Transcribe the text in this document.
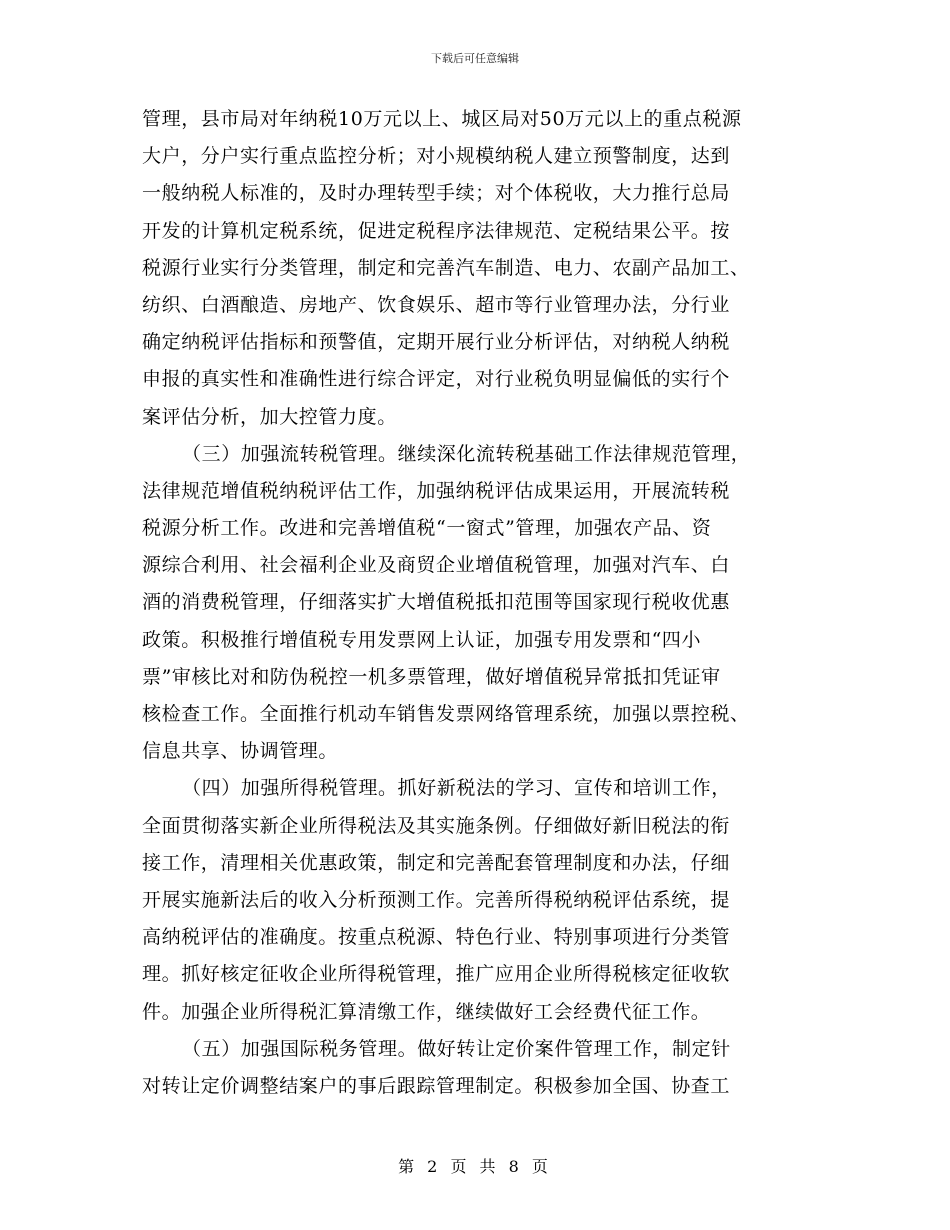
下载后可任意编辑
管理，县市局对年纳税10万元以上、城区局对50万元以上的重点税源
大户，分户实行重点监控分析；对小规模纳税人建立预警制度，达到
一般纳税人标准的，及时办理转型手续；对个体税收，大力推行总局
开发的计算机定税系统，促进定税程序法律规范、定税结果公平。按
税源行业实行分类管理，制定和完善汽车制造、电力、农副产品加工、
纺织、白酒酿造、房地产、饮食娱乐、超市等行业管理办法，分行业
确定纳税评估指标和预警值，定期开展行业分析评估，对纳税人纳税
申报的真实性和准确性进行综合评定，对行业税负明显偏低的实行个
案评估分析，加大控管力度。
（三）加强流转税管理。继续深化流转税基础工作法律规范管理，
法律规范增值税纳税评估工作，加强纳税评估成果运用，开展流转税
税源分析工作。改进和完善增值税“一窗式”管理，加强农产品、资
源综合利用、社会福利企业及商贸企业增值税管理，加强对汽车、白
酒的消费税管理，仔细落实扩大增值税抵扣范围等国家现行税收优惠
政策。积极推行增值税专用发票网上认证，加强专用发票和“四小
票”审核比对和防伪税控一机多票管理，做好增值税异常抵扣凭证审
核检查工作。全面推行机动车销售发票网络管理系统，加强以票控税、
信息共享、协调管理。
（四）加强所得税管理。抓好新税法的学习、宣传和培训工作，
全面贯彻落实新企业所得税法及其实施条例。仔细做好新旧税法的衔
接工作，清理相关优惠政策，制定和完善配套管理制度和办法，仔细
开展实施新法后的收入分析预测工作。完善所得税纳税评估系统，提
高纳税评估的准确度。按重点税源、特色行业、特别事项进行分类管
理。抓好核定征收企业所得税管理，推广应用企业所得税核定征收软
件。加强企业所得税汇算清缴工作，继续做好工会经费代征工作。
（五）加强国际税务管理。做好转让定价案件管理工作，制定针
对转让定价调整结案户的事后跟踪管理制定。积极参加全国、协查工
第 2 页 共 8 页
